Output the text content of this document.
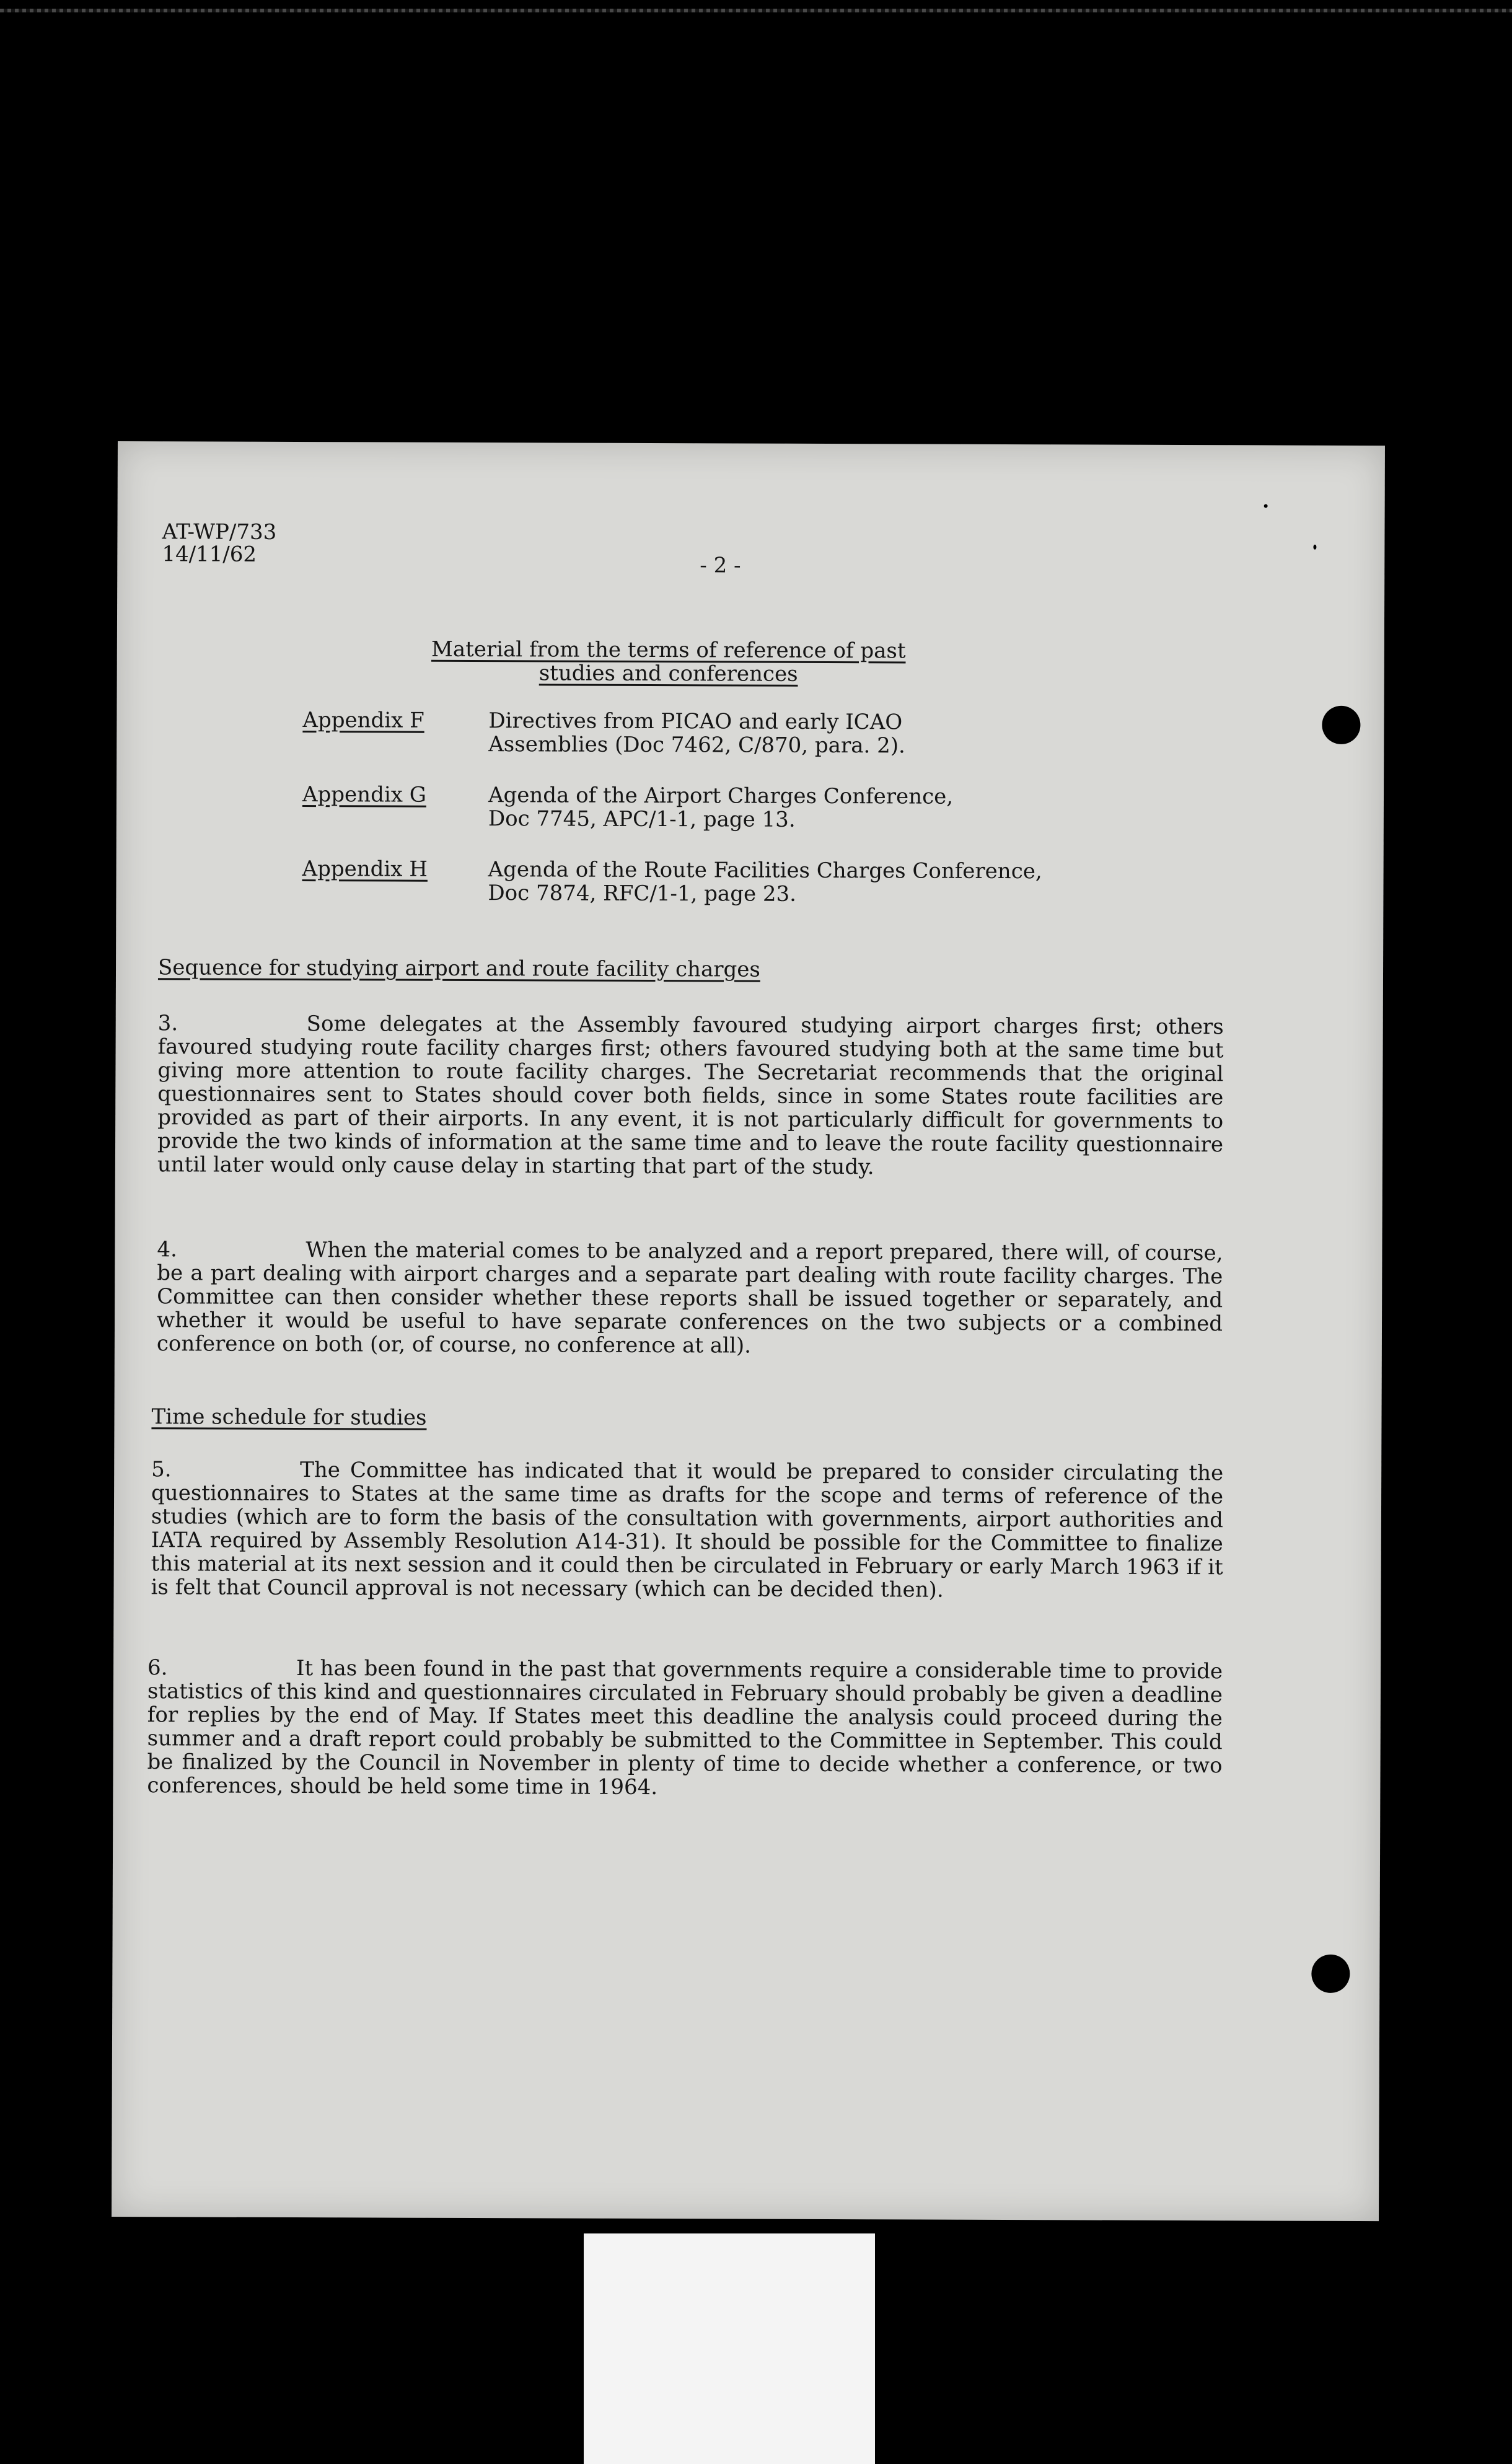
AT-WP/733
14/11/62	- 2 -
Material from the terms of reference of past
studies and conferences
Appendix F	Directives from PICAO and early ICAO
Assemblies (Doc 7462, C/870, para. 2).
Appendix G	Agenda of the Airport Charges Conference,
Doc 7745, APC/1-1, page 13.
Appendix H	Agenda of the Route Facilities Charges Conference,
Doc 7874, RFC/1-1, page 23.
Sequence for studying airport and route facility charges
3.	Some delegates at the Assembly favoured studying airport charges first; others favoured studying route facility charges first; others favoured studying both at the same time but giving more attention to route facility charges. The Secretariat recommends that the original questionnaires sent to States should cover both fields, since in some States route facilities are provided as part of their airports. In any event, it is not particularly difficult for governments to provide the two kinds of information at the same time and to leave the route facility questionnaire until later would only cause delay in starting that part of the study.
4.	When the material comes to be analyzed and a report prepared, there will, of course, be a part dealing with airport charges and a separate part dealing with route facility charges. The Committee can then consider whether these reports shall be issued together or separately, and whether it would be useful to have separate conferences on the two subjects or a combined conference on both (or, of course, no conference at all).
Time schedule for studies
5.	The Committee has indicated that it would be prepared to consider circulating the questionnaires to States at the same time as drafts for the scope and terms of reference of the studies (which are to form the basis of the consultation with governments, airport authorities and IATA required by Assembly Resolution A14-31). It should be possible for the Committee to finalize this material at its next session and it could then be circulated in February or early March 1963 if it is felt that Council approval is not necessary (which can be decided then).
6.	It has been found in the past that governments require a considerable time to provide statistics of this kind and questionnaires circulated in February should probably be given a deadline for replies by the end of May. If States meet this deadline the analysis could proceed during the summer and a draft report could probably be submitted to the Committee in September. This could be finalized by the Council in November in plenty of time to decide whether a conference, or two conferences, should be held some time in 1964.
